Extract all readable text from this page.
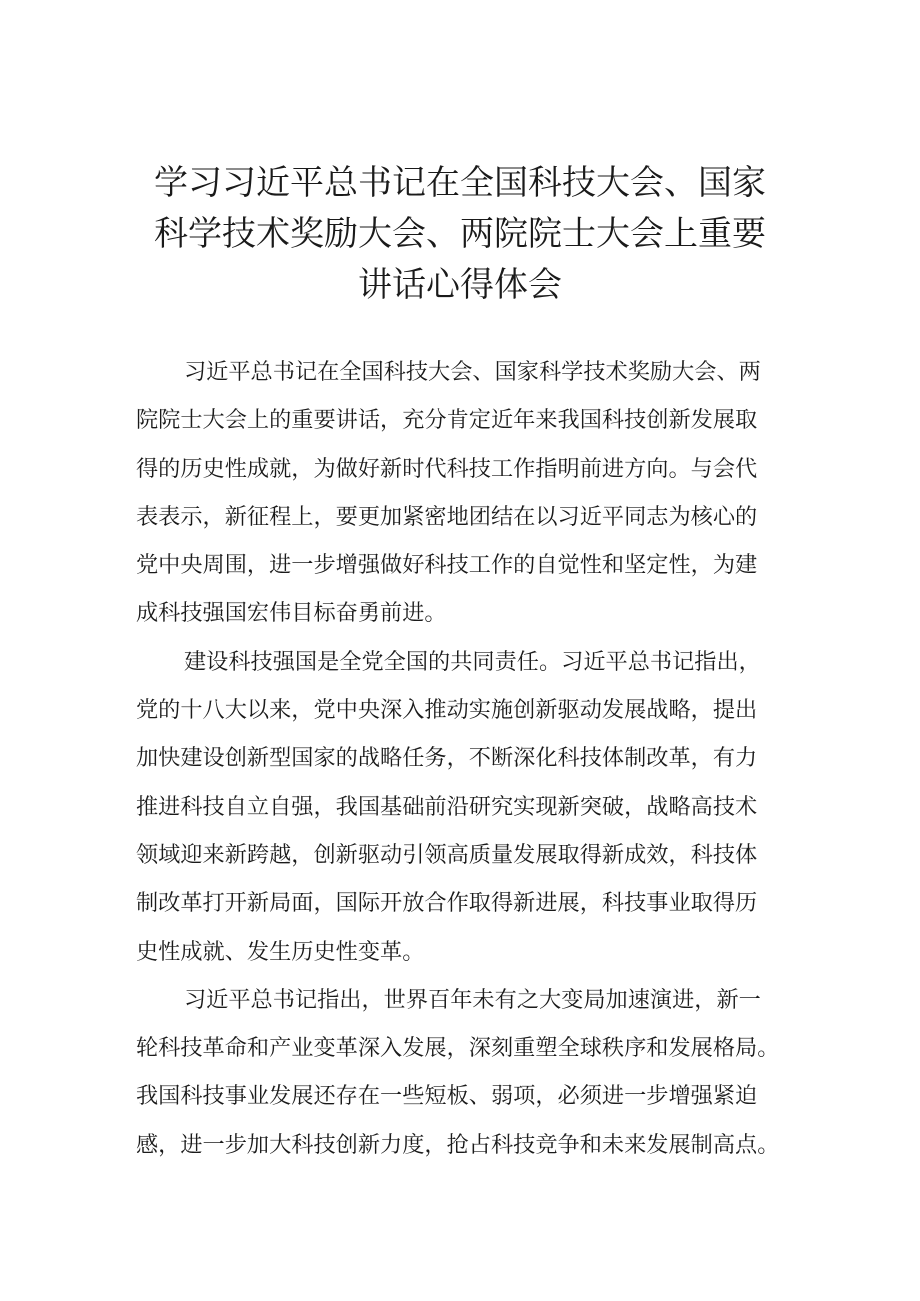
学习习近平总书记在全国科技大会、国家
科学技术奖励大会、两院院士大会上重要
讲话心得体会

习近平总书记在全国科技大会、国家科学技术奖励大会、两
院院士大会上的重要讲话，充分肯定近年来我国科技创新发展取
得的历史性成就，为做好新时代科技工作指明前进方向。与会代
表表示，新征程上，要更加紧密地团结在以习近平同志为核心的
党中央周围，进一步增强做好科技工作的自觉性和坚定性，为建
成科技强国宏伟目标奋勇前进。

建设科技强国是全党全国的共同责任。习近平总书记指出，
党的十八大以来，党中央深入推动实施创新驱动发展战略，提出
加快建设创新型国家的战略任务，不断深化科技体制改革，有力
推进科技自立自强，我国基础前沿研究实现新突破，战略高技术
领域迎来新跨越，创新驱动引领高质量发展取得新成效，科技体
制改革打开新局面，国际开放合作取得新进展，科技事业取得历
史性成就、发生历史性变革。

习近平总书记指出，世界百年未有之大变局加速演进，新一
轮科技革命和产业变革深入发展，深刻重塑全球秩序和发展格局。
我国科技事业发展还存在一些短板、弱项，必须进一步增强紧迫
感，进一步加大科技创新力度，抢占科技竞争和未来发展制高点。
